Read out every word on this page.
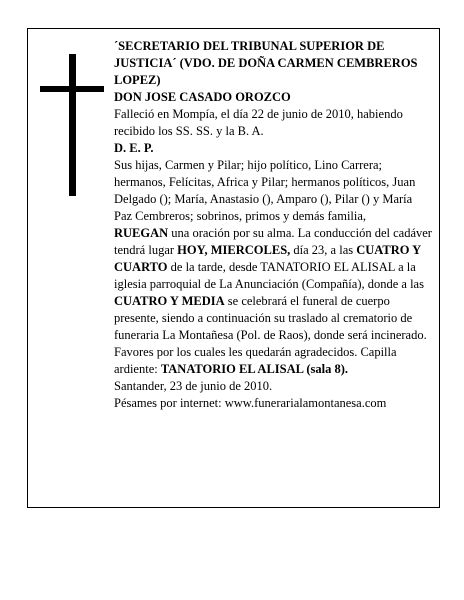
´SECRETARIO DEL TRIBUNAL SUPERIOR DE JUSTICIA´ (VDO. DE DOÑA CARMEN CEMBREROS LOPEZ)

DON JOSE CASADO OROZCO

Falleció en Mompía, el día 22 de junio de 2010, habiendo recibido los SS. SS. y la B. A.

D. E. P.

Sus hijas, Carmen y Pilar; hijo político, Lino Carrera; hermanos, Felícitas, Africa y Pilar; hermanos políticos, Juan Delgado (); María, Anastasio (), Amparo (), Pilar () y María Paz Cembreros; sobrinos, primos y demás familia,

RUEGAN una oración por su alma. La conducción del cadáver tendrá lugar HOY, MIERCOLES, día 23, a las CUATRO Y CUARTO de la tarde, desde TANATORIO EL ALISAL a la iglesia parroquial de La Anunciación (Compañía), donde a las CUATRO Y MEDIA se celebrará el funeral de cuerpo presente, siendo a continuación su traslado al crematorio de funeraria La Montañesa (Pol. de Raos), donde será incinerado. Favores por los cuales les quedarán agradecidos. Capilla ardiente: TANATORIO EL ALISAL (sala 8).

Santander, 23 de junio de 2010.

Pésames por internet: www.funerarialamontanesa.com
